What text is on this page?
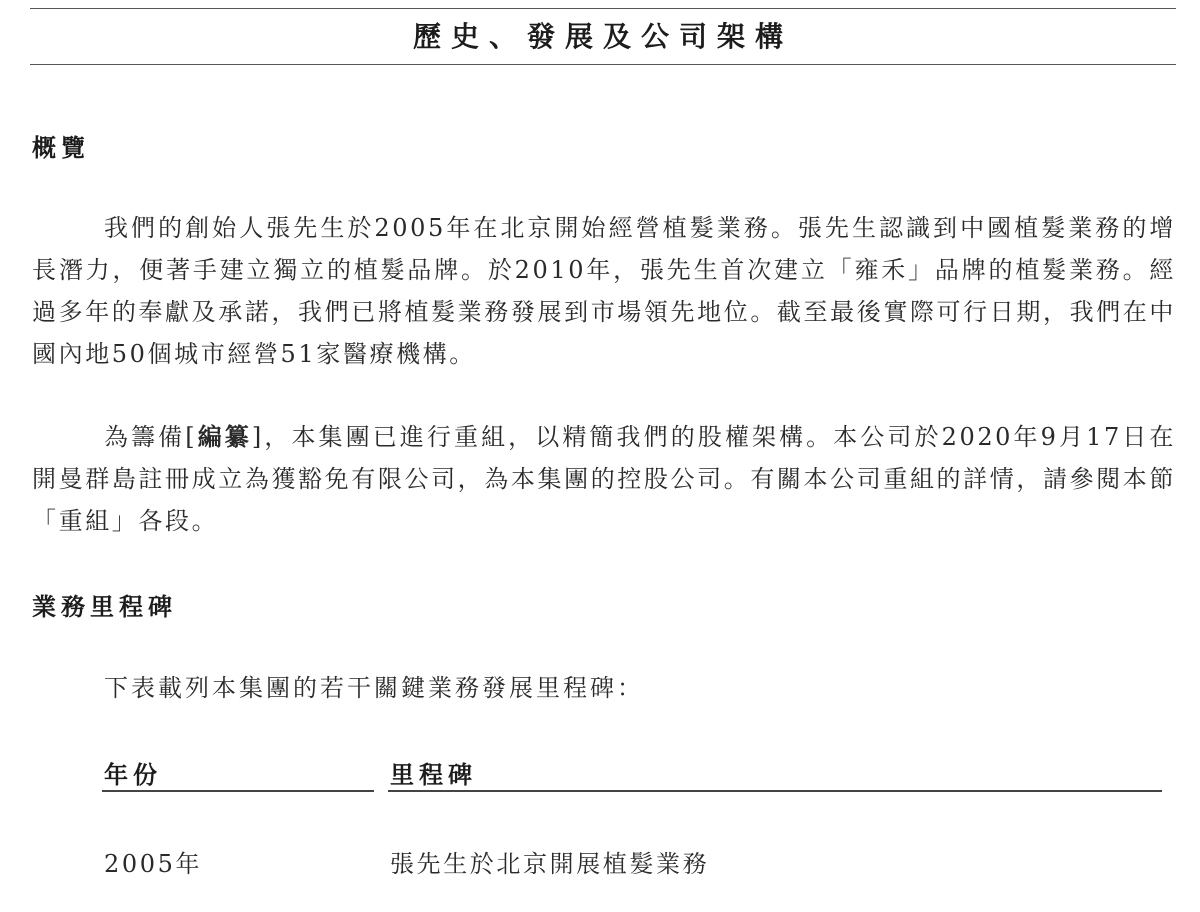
歷史、發展及公司架構
概覽

我們的創始人張先生於2005年在北京開始經營植髮業務。張先生認識到中國植髮業務的增長潛力，便著手建立獨立的植髮品牌。於2010年，張先生首次建立「雍禾」品牌的植髮業務。經過多年的奉獻及承諾，我們已將植髮業務發展到市場領先地位。截至最後實際可行日期，我們在中國內地50個城市經營51家醫療機構。

為籌備[編纂]，本集團已進行重組，以精簡我們的股權架構。本公司於2020年9月17日在開曼群島註冊成立為獲豁免有限公司，為本集團的控股公司。有關本公司重組的詳情，請參閱本節「重組」各段。

業務里程碑
下表載列本集團的若干關鍵業務發展里程碑：
年份	里程碑
2005年	張先生於北京開展植髮業務
